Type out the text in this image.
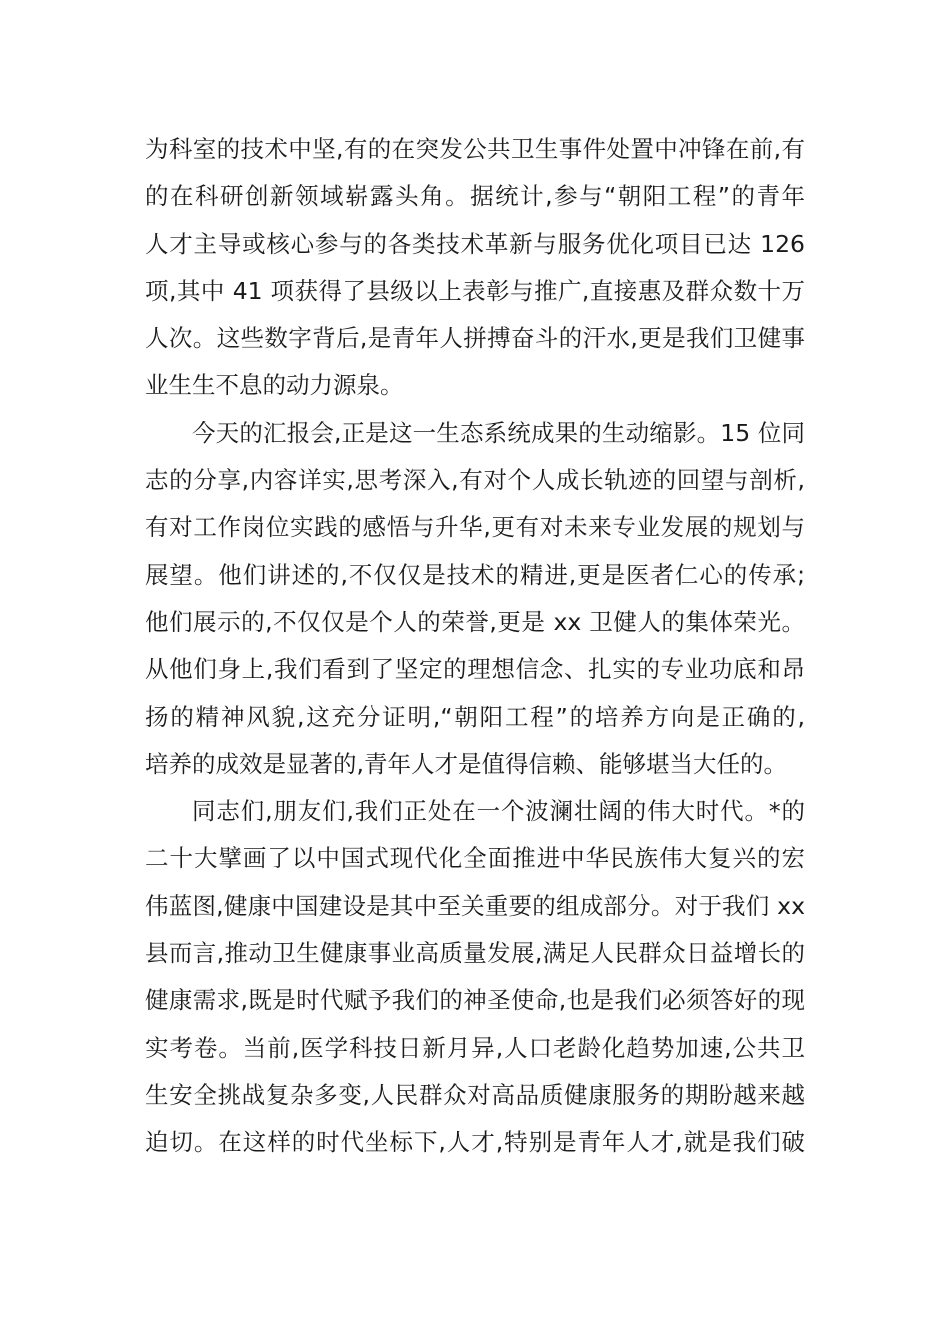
为科室的技术中坚,有的在突发公共卫生事件处置中冲锋在前,有
的在科研创新领域崭露头角。据统计,参与“朝阳工程”的青年
人才主导或核心参与的各类技术革新与服务优化项目已达 126
项,其中 41 项获得了县级以上表彰与推广,直接惠及群众数十万
人次。这些数字背后,是青年人拼搏奋斗的汗水,更是我们卫健事
业生生不息的动力源泉。
今天的汇报会,正是这一生态系统成果的生动缩影。15 位同
志的分享,内容详实,思考深入,有对个人成长轨迹的回望与剖析,
有对工作岗位实践的感悟与升华,更有对未来专业发展的规划与
展望。他们讲述的,不仅仅是技术的精进,更是医者仁心的传承;
他们展示的,不仅仅是个人的荣誉,更是 xx 卫健人的集体荣光。
从他们身上,我们看到了坚定的理想信念、扎实的专业功底和昂
扬的精神风貌,这充分证明,“朝阳工程”的培养方向是正确的,
培养的成效是显著的,青年人才是值得信赖、能够堪当大任的。
同志们,朋友们,我们正处在一个波澜壮阔的伟大时代。*的
二十大擘画了以中国式现代化全面推进中华民族伟大复兴的宏
伟蓝图,健康中国建设是其中至关重要的组成部分。对于我们 xx
县而言,推动卫生健康事业高质量发展,满足人民群众日益增长的
健康需求,既是时代赋予我们的神圣使命,也是我们必须答好的现
实考卷。当前,医学科技日新月异,人口老龄化趋势加速,公共卫
生安全挑战复杂多变,人民群众对高品质健康服务的期盼越来越
迫切。在这样的时代坐标下,人才,特别是青年人才,就是我们破
